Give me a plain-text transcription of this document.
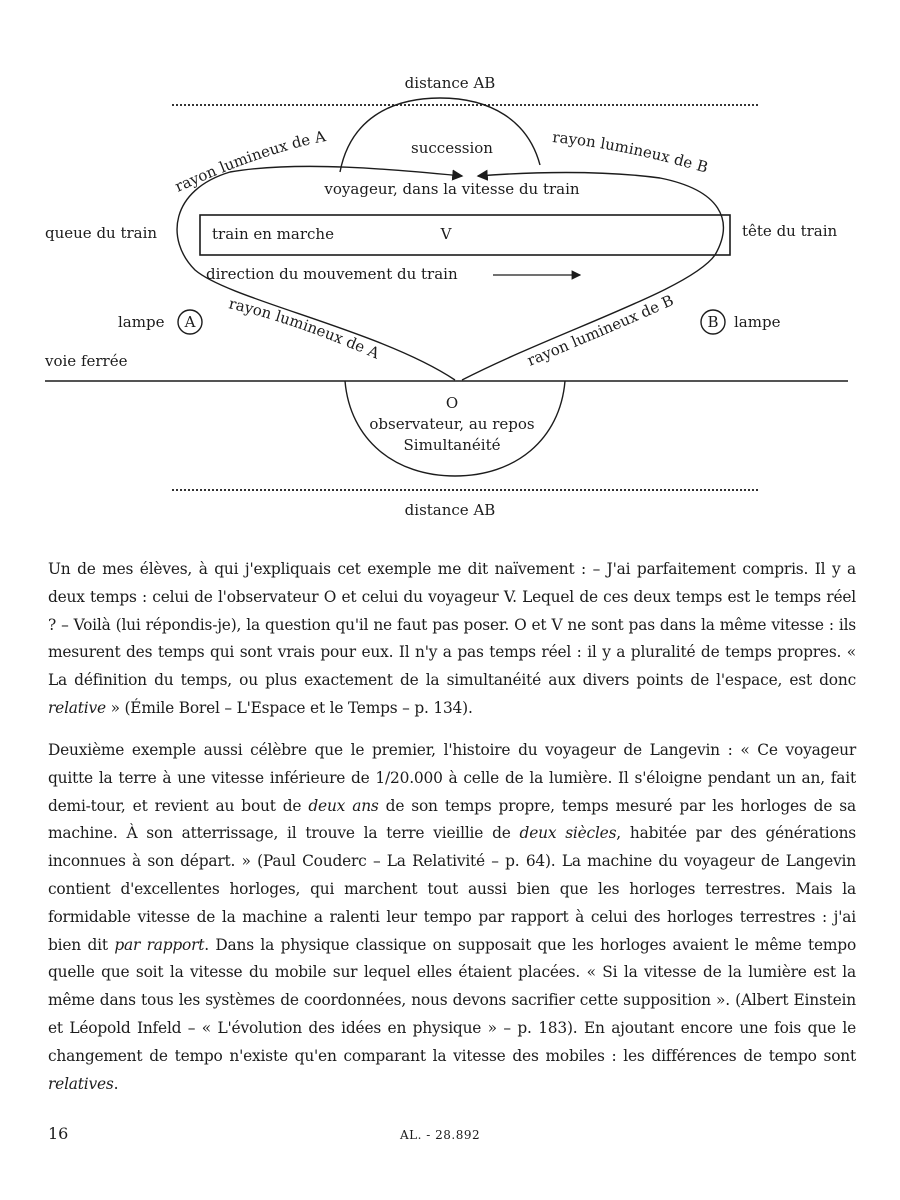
distance AB
succession
rayon lumineux de A	rayon lumineux de B
rayon lumineux de A	rayon lumineux de B
voyageur, dans la vitesse du train
queue du train	tête du train
train en marche	V
direction du mouvement du train
lampe A	B lampe
voie ferrée
O
observateur, au repos
Simultanéité
distance AB

Un de mes élèves, à qui j'expliquais cet exemple me dit naïvement : – J'ai parfaitement compris. Il y a deux temps : celui de l'observateur O et celui du voyageur V. Lequel de ces deux temps est le temps réel ? – Voilà (lui répondis-je), la question qu'il ne faut pas poser. O et V ne sont pas dans la même vitesse : ils mesurent des temps qui sont vrais pour eux. Il n'y a pas temps réel : il y a pluralité de temps propres. « La définition du temps, ou plus exactement de la simultanéité aux divers points de l'espace, est donc relative » (Émile Borel – L'Espace et le Temps – p. 134).

Deuxième exemple aussi célèbre que le premier, l'histoire du voyageur de Langevin : « Ce voyageur quitte la terre à une vitesse inférieure de 1/20.000 à celle de la lumière. Il s'éloigne pendant un an, fait demi-tour, et revient au bout de deux ans de son temps propre, temps mesuré par les horloges de sa machine. À son atterrissage, il trouve la terre vieillie de deux siècles, habitée par des générations inconnues à son départ. » (Paul Couderc – La Relativité – p. 64). La machine du voyageur de Langevin contient d'excellentes horloges, qui marchent tout aussi bien que les horloges terrestres. Mais la formidable vitesse de la machine a ralenti leur tempo par rapport à celui des horloges terrestres : j'ai bien dit par rapport. Dans la physique classique on supposait que les horloges avaient le même tempo quelle que soit la vitesse du mobile sur lequel elles étaient placées. « Si la vitesse de la lumière est la même dans tous les systèmes de coordonnées, nous devons sacrifier cette supposition ». (Albert Einstein et Léopold Infeld – « L'évolution des idées en physique » – p. 183). En ajoutant encore une fois que le changement de tempo n'existe qu'en comparant la vitesse des mobiles : les différences de tempo sont relatives.

16	AL. - 28.892
